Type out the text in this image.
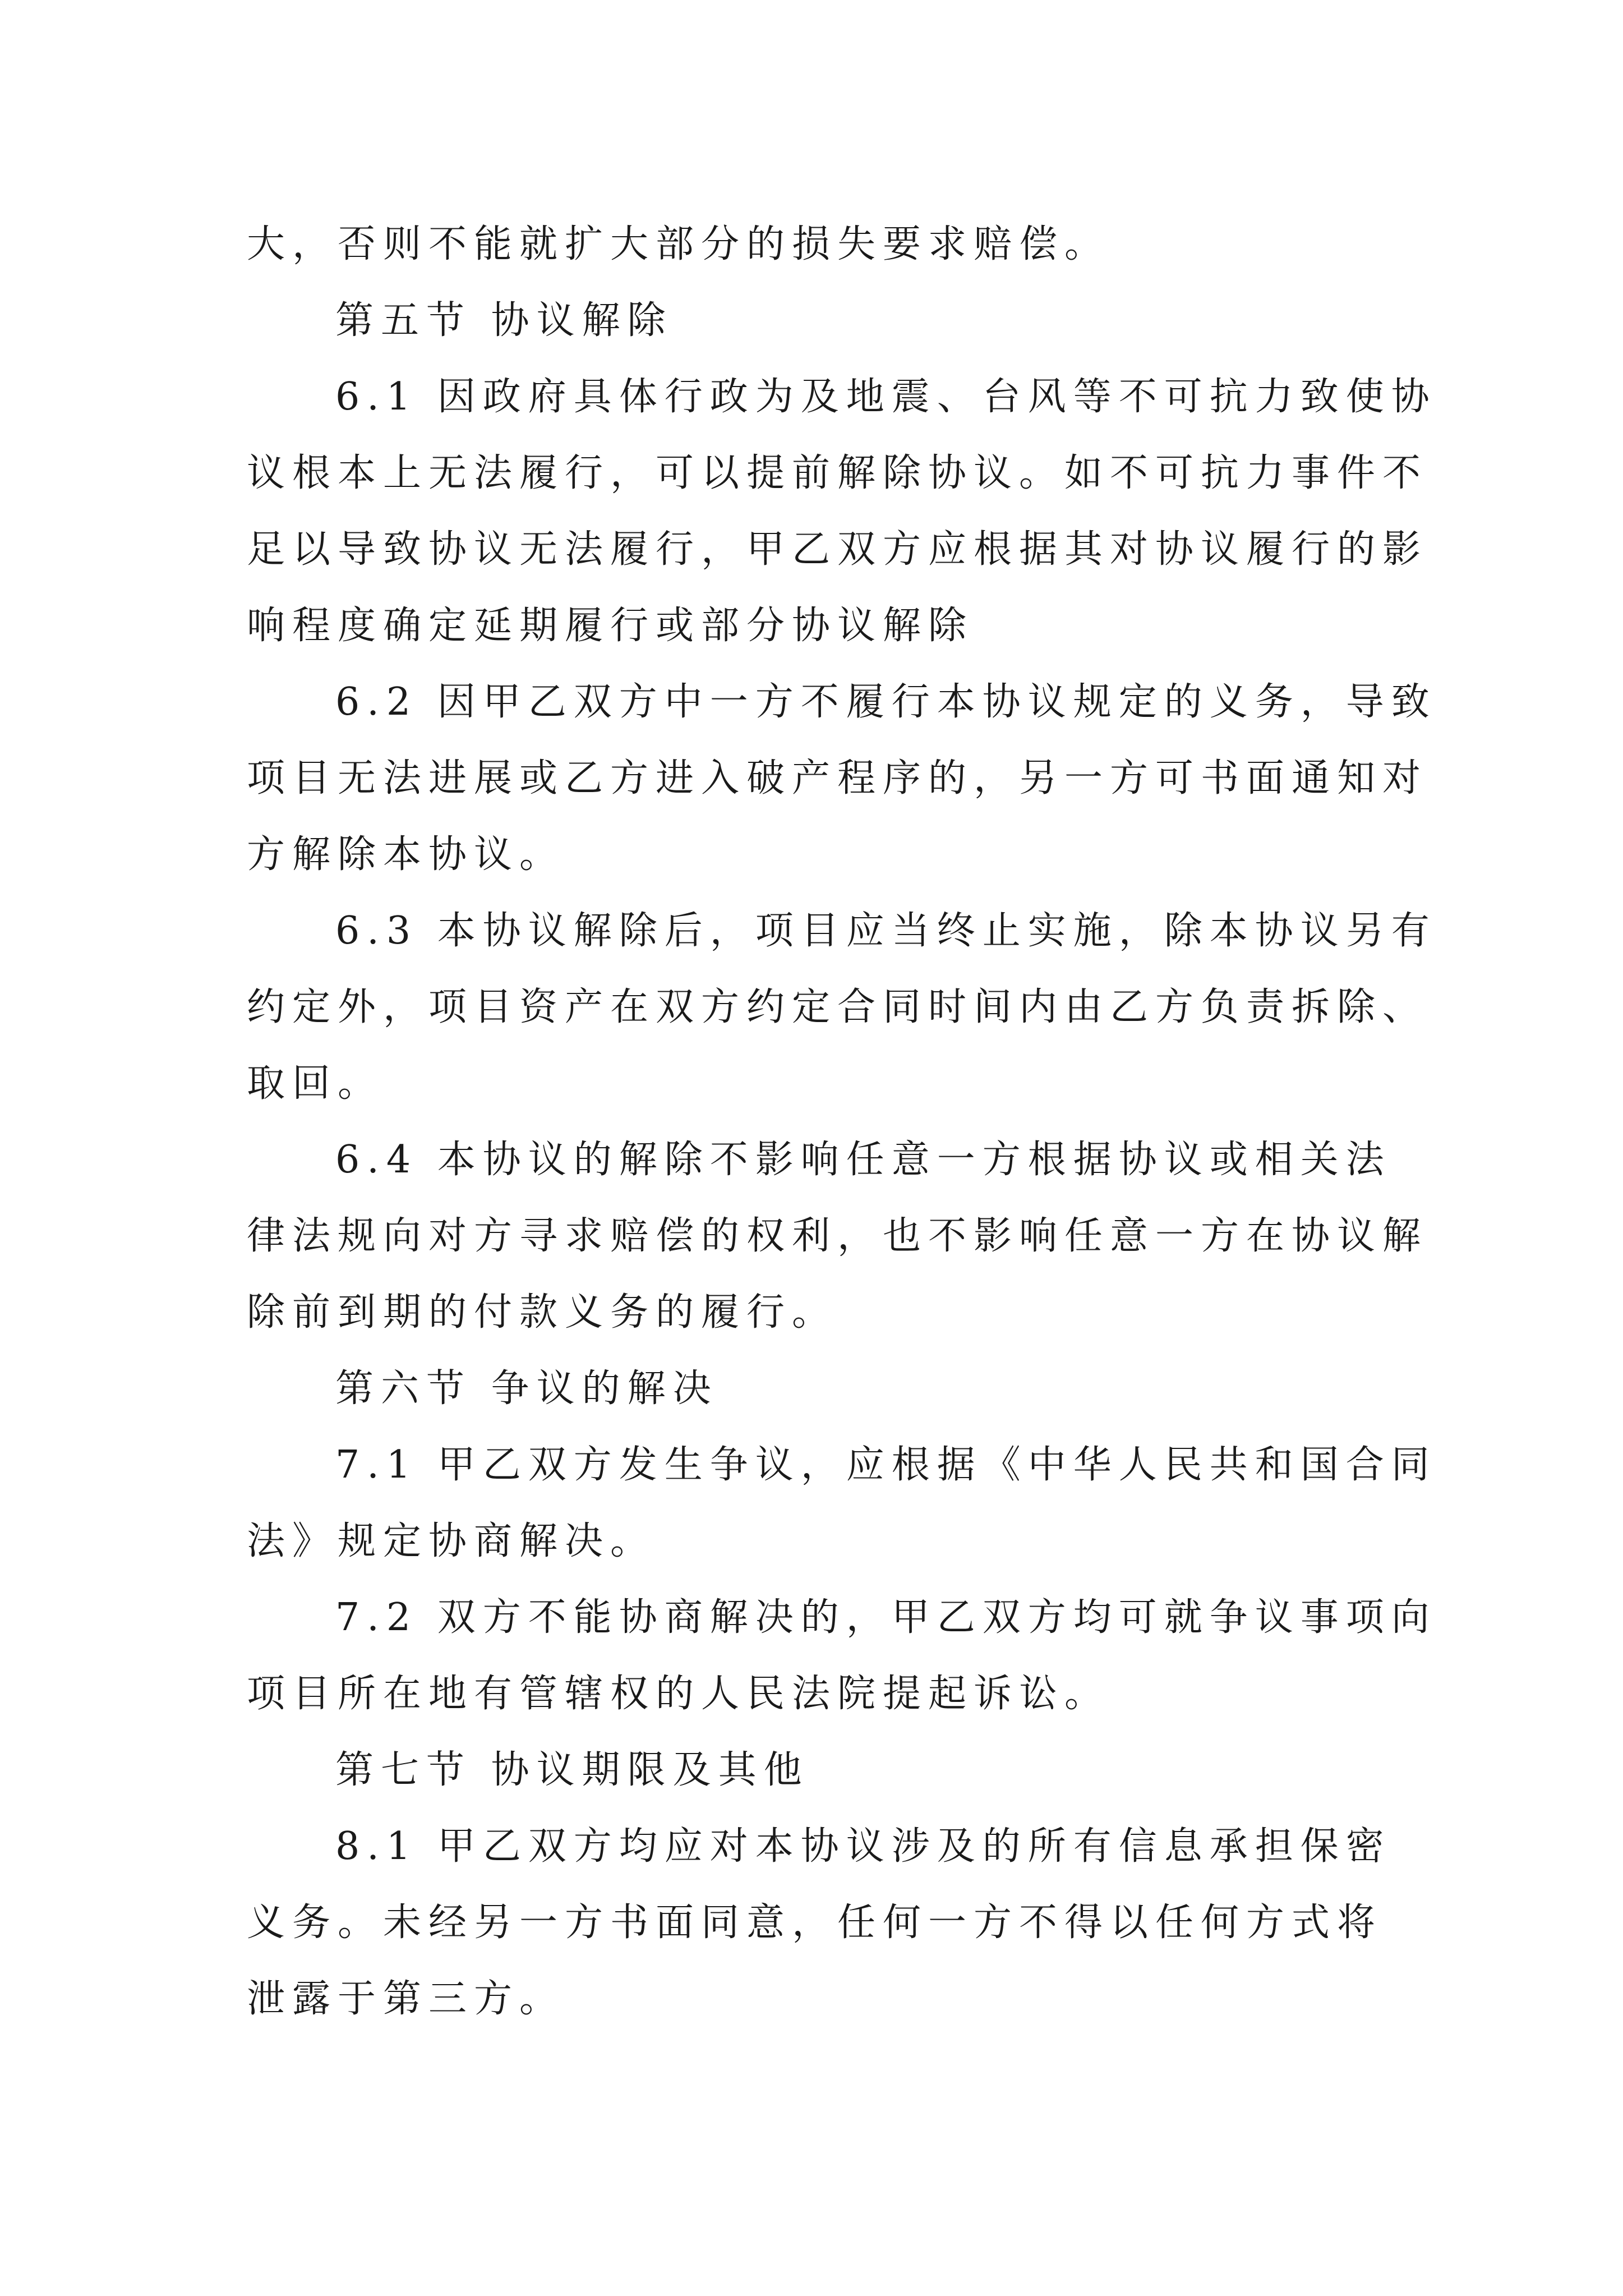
大，否则不能就扩大部分的损失要求赔偿。
第五节 协议解除
6.1 因政府具体行政为及地震、台风等不可抗力致使协
议根本上无法履行，可以提前解除协议。如不可抗力事件不
足以导致协议无法履行，甲乙双方应根据其对协议履行的影
响程度确定延期履行或部分协议解除
6.2 因甲乙双方中一方不履行本协议规定的义务，导致
项目无法进展或乙方进入破产程序的，另一方可书面通知对
方解除本协议。
6.3 本协议解除后，项目应当终止实施，除本协议另有
约定外，项目资产在双方约定合同时间内由乙方负责拆除、
取回。
6.4 本协议的解除不影响任意一方根据协议或相关法
律法规向对方寻求赔偿的权利，也不影响任意一方在协议解
除前到期的付款义务的履行。
第六节 争议的解决
7.1 甲乙双方发生争议，应根据《中华人民共和国合同
法》规定协商解决。
7.2 双方不能协商解决的，甲乙双方均可就争议事项向
项目所在地有管辖权的人民法院提起诉讼。
第七节 协议期限及其他
8.1 甲乙双方均应对本协议涉及的所有信息承担保密
义务。未经另一方书面同意，任何一方不得以任何方式将
泄露于第三方。
